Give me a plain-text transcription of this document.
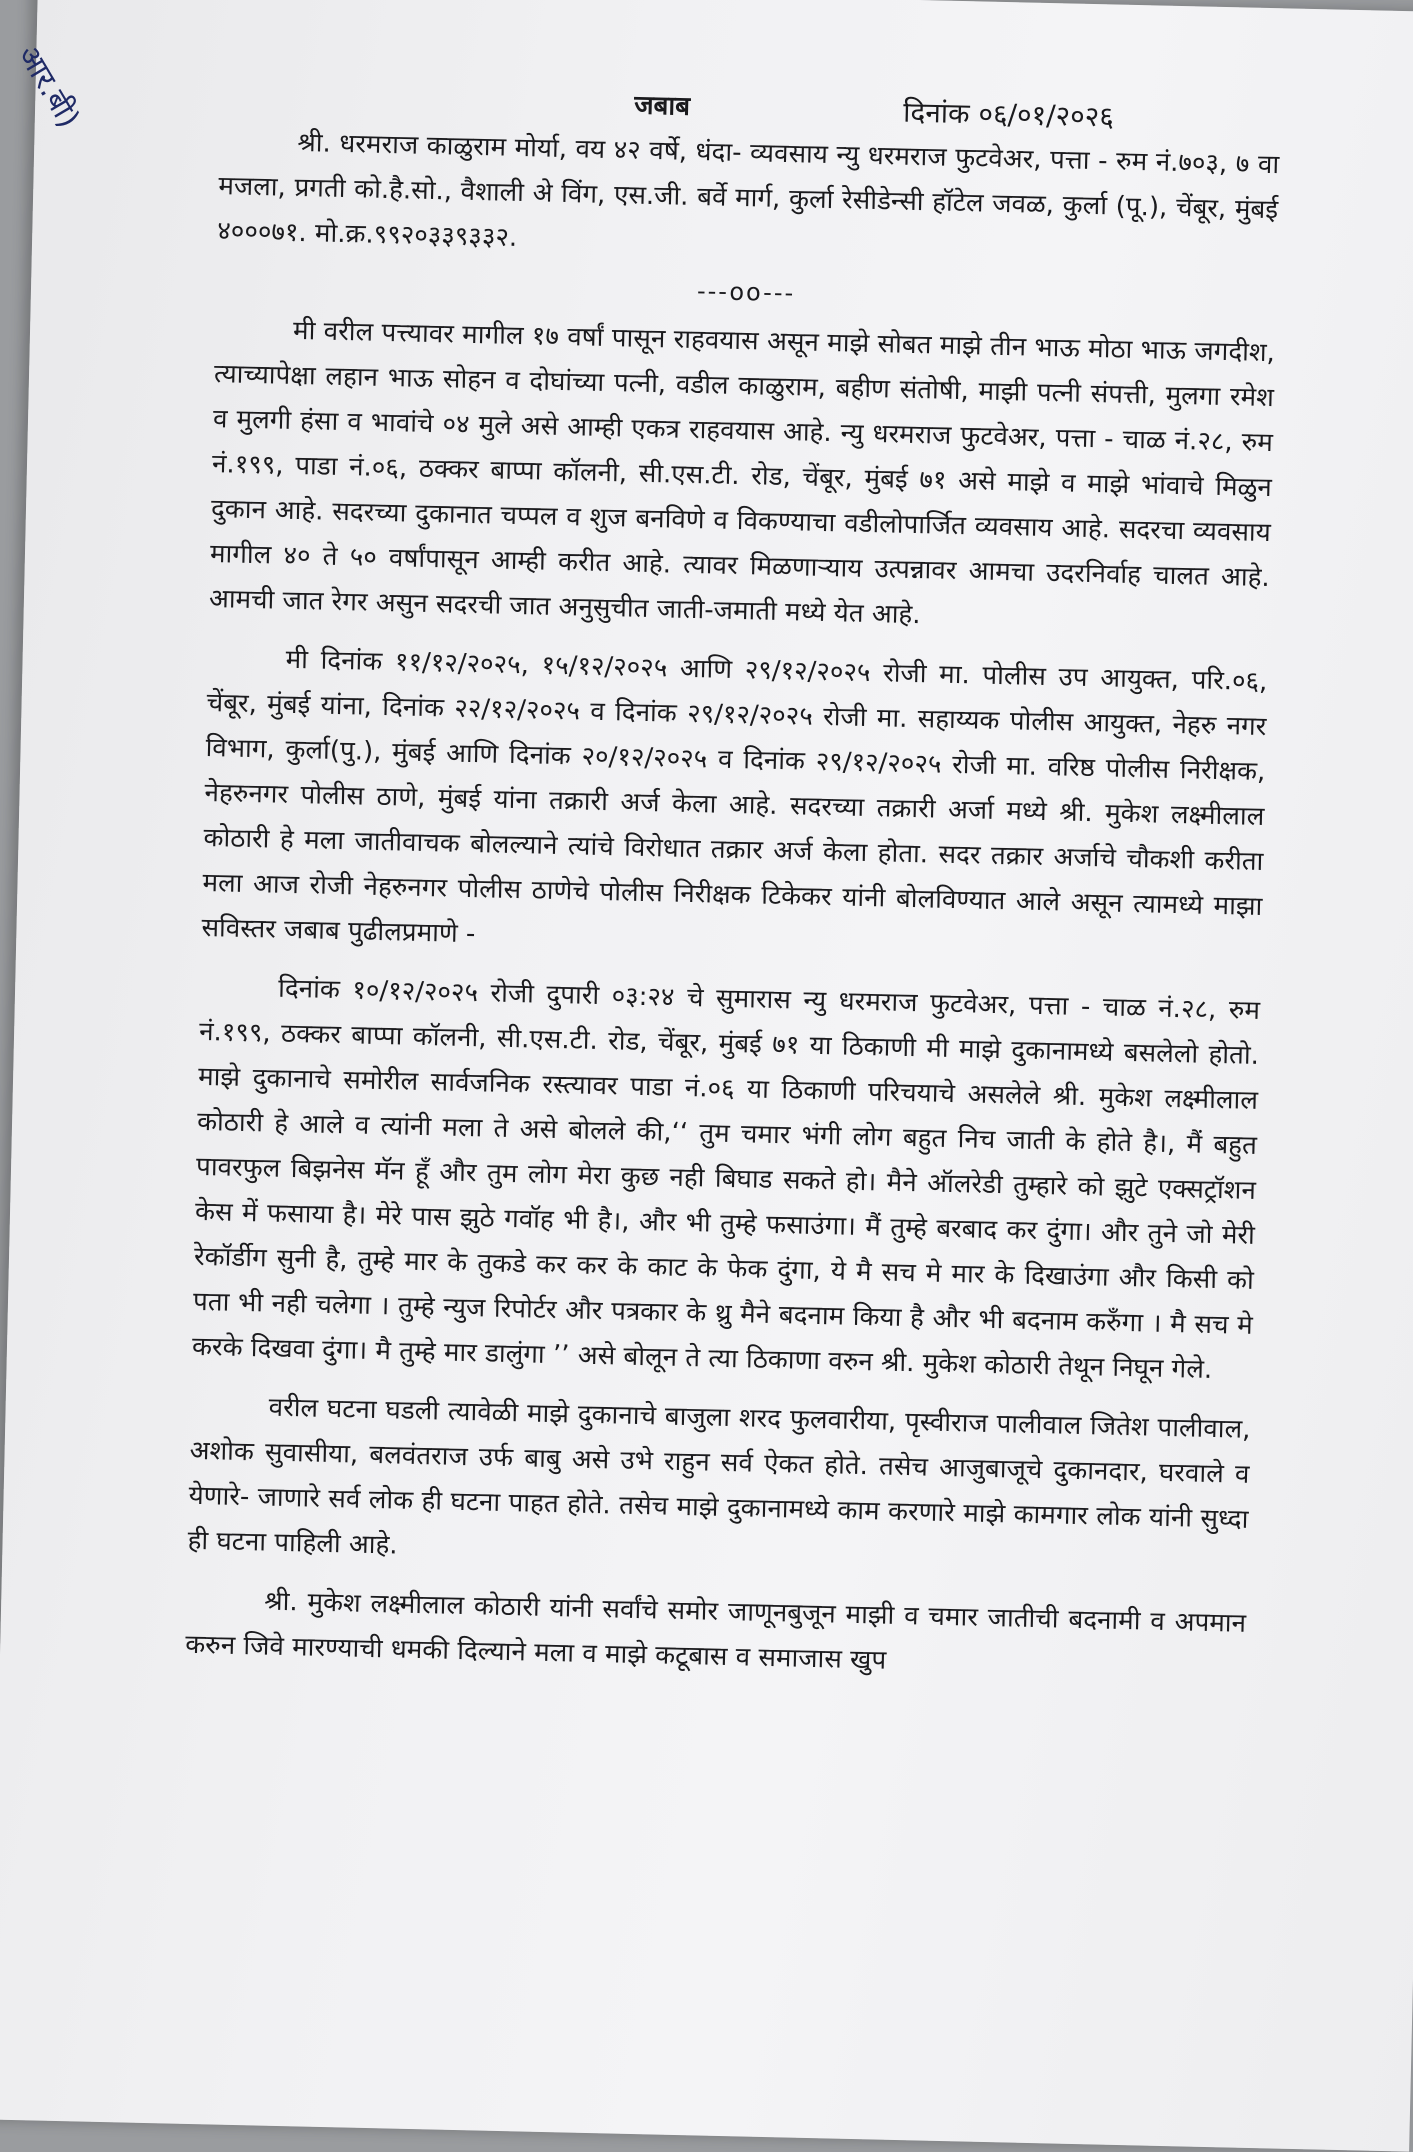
आर.बी)	जबाब	दिनांक ०६/०१/२०२६

श्री. धरमराज काळुराम मोर्या, वय ४२ वर्षे, धंदा- व्यवसाय न्यु धरमराज फुटवेअर, पत्ता - रुम नं.७०३, ७ वा मजला, प्रगती को.है.सो., वैशाली अे विंग, एस.जी. बर्वे मार्ग, कुर्ला रेसीडेन्सी हॉटेल जवळ, कुर्ला (पू.), चेंबूर, मुंबई ४०००७१. मो.क्र.९९२०३३९३३२.

---oo---

मी वरील पत्त्यावर मागील १७ वर्षां पासून राहवयास असून माझे सोबत माझे तीन भाऊ मोठा भाऊ जगदीश, त्याच्यापेक्षा लहान भाऊ सोहन व दोघांच्या पत्नी, वडील काळुराम, बहीण संतोषी, माझी पत्नी संपत्ती, मुलगा रमेश व मुलगी हंसा व भावांचे ०४ मुले असे आम्ही एकत्र राहवयास आहे. न्यु धरमराज फुटवेअर, पत्ता - चाळ नं.२८, रुम नं.१९९, पाडा नं.०६, ठक्कर बाप्पा कॉलनी, सी.एस.टी. रोड, चेंबूर, मुंबई ७१ असे माझे व माझे भांवाचे मिळुन दुकान आहे. सदरच्या दुकानात चप्पल व शुज बनविणे व विकण्याचा वडीलोपार्जित व्यवसाय आहे. सदरचा व्यवसाय मागील ४० ते ५० वर्षांपासून आम्ही करीत आहे. त्यावर मिळणाऱ्याय उत्पन्नावर आमचा उदरनिर्वाह चालत आहे. आमची जात रेगर असुन सदरची जात अनुसुचीत जाती-जमाती मध्ये येत आहे.

मी दिनांक ११/१२/२०२५, १५/१२/२०२५ आणि २९/१२/२०२५ रोजी मा. पोलीस उप आयुक्त, परि.०६, चेंबूर, मुंबई यांना, दिनांक २२/१२/२०२५ व दिनांक २९/१२/२०२५ रोजी मा. सहाय्यक पोलीस आयुक्त, नेहरु नगर विभाग, कुर्ला(पु.), मुंबई आणि दिनांक २०/१२/२०२५ व दिनांक २९/१२/२०२५ रोजी मा. वरिष्ठ पोलीस निरीक्षक, नेहरुनगर पोलीस ठाणे, मुंबई यांना तक्रारी अर्ज केला आहे. सदरच्या तक्रारी अर्जा मध्ये श्री. मुकेश लक्ष्मीलाल कोठारी हे मला जातीवाचक बोलल्याने त्यांचे विरोधात तक्रार अर्ज केला होता. सदर तक्रार अर्जाचे चौकशी करीता मला आज रोजी नेहरुनगर पोलीस ठाणेचे पोलीस निरीक्षक टिकेकर यांनी बोलविण्यात आले असून त्यामध्ये माझा सविस्तर जबाब पुढीलप्रमाणे -

दिनांक १०/१२/२०२५ रोजी दुपारी ०३:२४ चे सुमारास न्यु धरमराज फुटवेअर, पत्ता - चाळ नं.२८, रुम नं.१९९, ठक्कर बाप्पा कॉलनी, सी.एस.टी. रोड, चेंबूर, मुंबई ७१ या ठिकाणी मी माझे दुकानामध्ये बसलेलो होतो. माझे दुकानाचे समोरील सार्वजनिक रस्त्यावर पाडा नं.०६ या ठिकाणी परिचयाचे असलेले श्री. मुकेश लक्ष्मीलाल कोठारी हे आले व त्यांनी मला ते असे बोलले की,‘‘ तुम चमार भंगी लोग बहुत निच जाती के होते है।, मैं बहुत पावरफुल बिझनेस मॅन हूँ और तुम लोग मेरा कुछ नही बिघाड सकते हो। मैने ऑलरेडी तुम्हारे को झुटे एक्सट्रॉशन केस में फसाया है। मेरे पास झुठे गवॉह भी है।, और भी तुम्हे फसाउंगा। मैं तुम्हे बरबाद कर दुंगा। और तुने जो मेरी रेकॉर्डीग सुनी है, तुम्हे मार के तुकडे कर कर के काट के फेक दुंगा, ये मै सच मे मार के दिखाउंगा और किसी को पता भी नही चलेगा । तुम्हे न्युज रिपोर्टर और पत्रकार के थ्रु मैने बदनाम किया है और भी बदनाम करुँगा । मै सच मे करके दिखवा दुंगा। मै तुम्हे मार डालुंगा ’’ असे बोलून ते त्या ठिकाणा वरुन श्री. मुकेश कोठारी तेथून निघून गेले.

वरील घटना घडली त्यावेळी माझे दुकानाचे बाजुला शरद फुलवारीया, पृस्वीराज पालीवाल जितेश पालीवाल, अशोक सुवासीया, बलवंतराज उर्फ बाबु असे उभे राहुन सर्व ऐकत होते. तसेच आजुबाजूचे दुकानदार, घरवाले व येणारे- जाणारे सर्व लोक ही घटना पाहत होते. तसेच माझे दुकानामध्ये काम करणारे माझे कामगार लोक यांनी सुध्दा ही घटना पाहिली आहे.

श्री. मुकेश लक्ष्मीलाल कोठारी यांनी सर्वांचे समोर जाणूनबुजून माझी व चमार जातीची बदनामी व अपमान करुन जिवे मारण्याची धमकी दिल्याने मला व माझे कटूबास व समाजास खुप
